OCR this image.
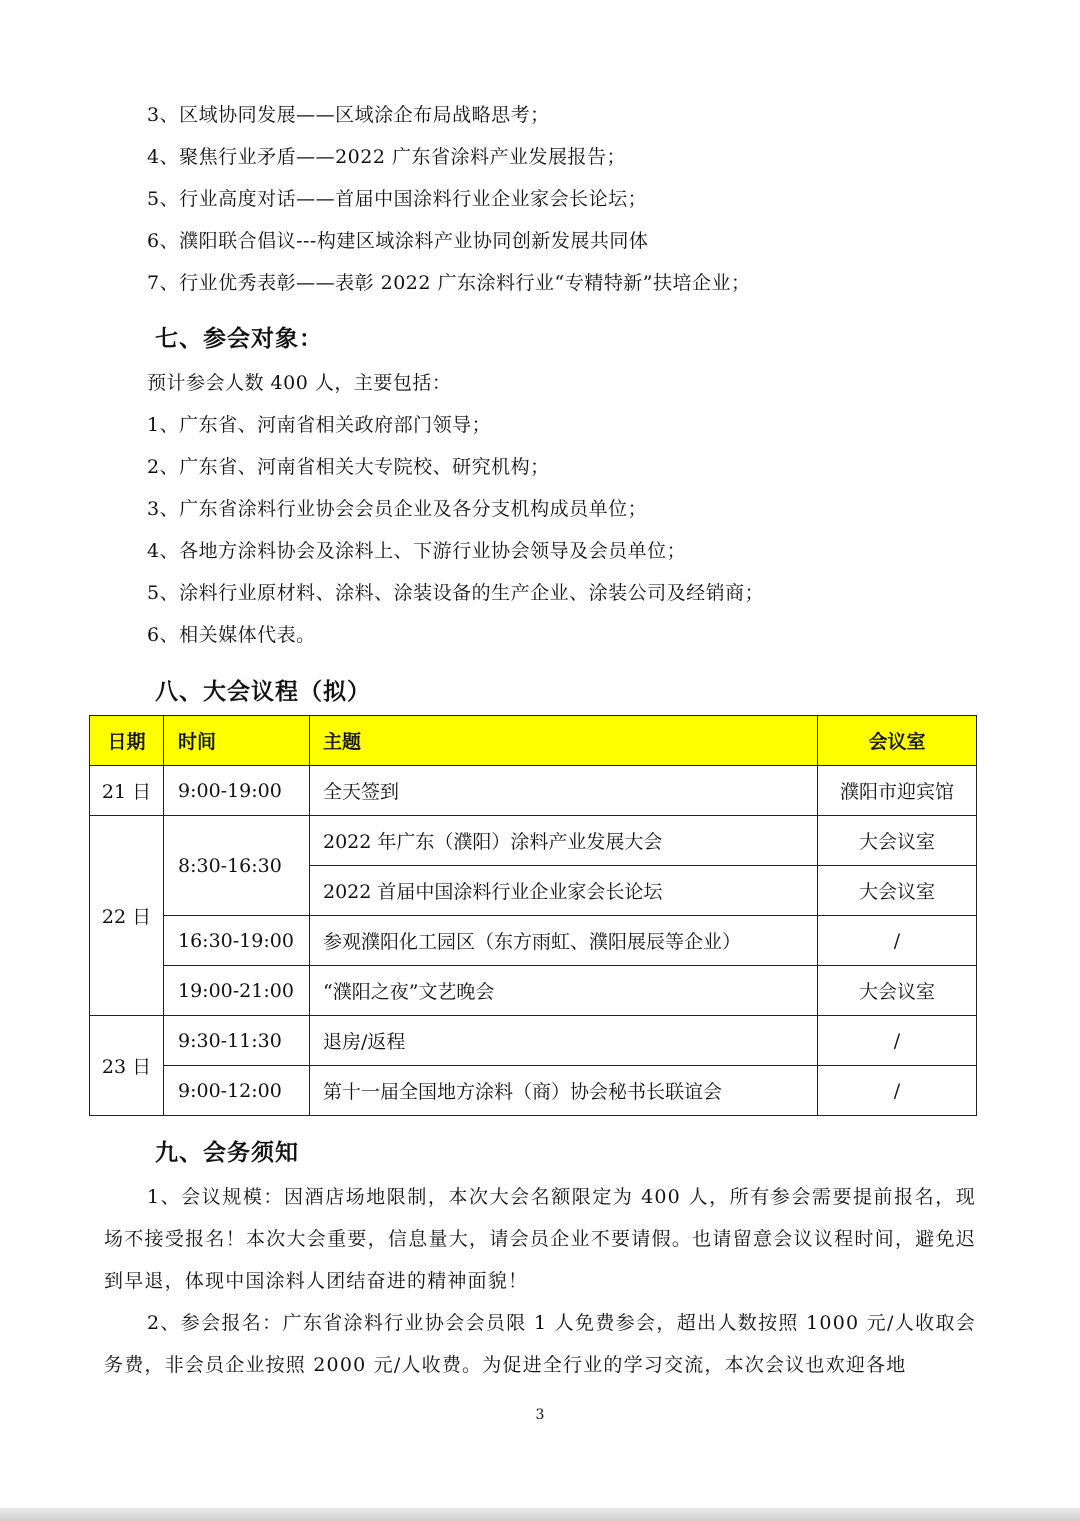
3、区域协同发展——区域涂企布局战略思考；
4、聚焦行业矛盾——2022 广东省涂料产业发展报告；
5、行业高度对话——首届中国涂料行业企业家会长论坛；
6、濮阳联合倡议---构建区域涂料产业协同创新发展共同体
7、行业优秀表彰——表彰 2022 广东涂料行业“专精特新”扶培企业；
七、参会对象：
预计参会人数 400 人，主要包括：
1、广东省、河南省相关政府部门领导；
2、广东省、河南省相关大专院校、研究机构；
3、广东省涂料行业协会会员企业及各分支机构成员单位；
4、各地方涂料协会及涂料上、下游行业协会领导及会员单位；
5、涂料行业原材料、涂料、涂装设备的生产企业、涂装公司及经销商；
6、相关媒体代表。
八、大会议程（拟）
日期	时间	主题	会议室
21 日	9:00-19:00	全天签到	濮阳市迎宾馆
22 日	8:30-16:30	2022 年广东（濮阳）涂料产业发展大会	大会议室
		2022 首届中国涂料行业企业家会长论坛	大会议室
	16:30-19:00	参观濮阳化工园区（东方雨虹、濮阳展辰等企业）	/
	19:00-21:00	“濮阳之夜”文艺晚会	大会议室
23 日	9:30-11:30	退房/返程	/
	9:00-12:00	第十一届全国地方涂料（商）协会秘书长联谊会	/
九、会务须知
1、会议规模：因酒店场地限制，本次大会名额限定为 400 人，所有参会需要提前报名，现场不接受报名！本次大会重要，信息量大，请会员企业不要请假。也请留意会议议程时间，避免迟到早退，体现中国涂料人团结奋进的精神面貌！
2、参会报名：广东省涂料行业协会会员限 1 人免费参会，超出人数按照 1000 元/人收取会务费，非会员企业按照 2000 元/人收费。为促进全行业的学习交流，本次会议也欢迎各地
3
